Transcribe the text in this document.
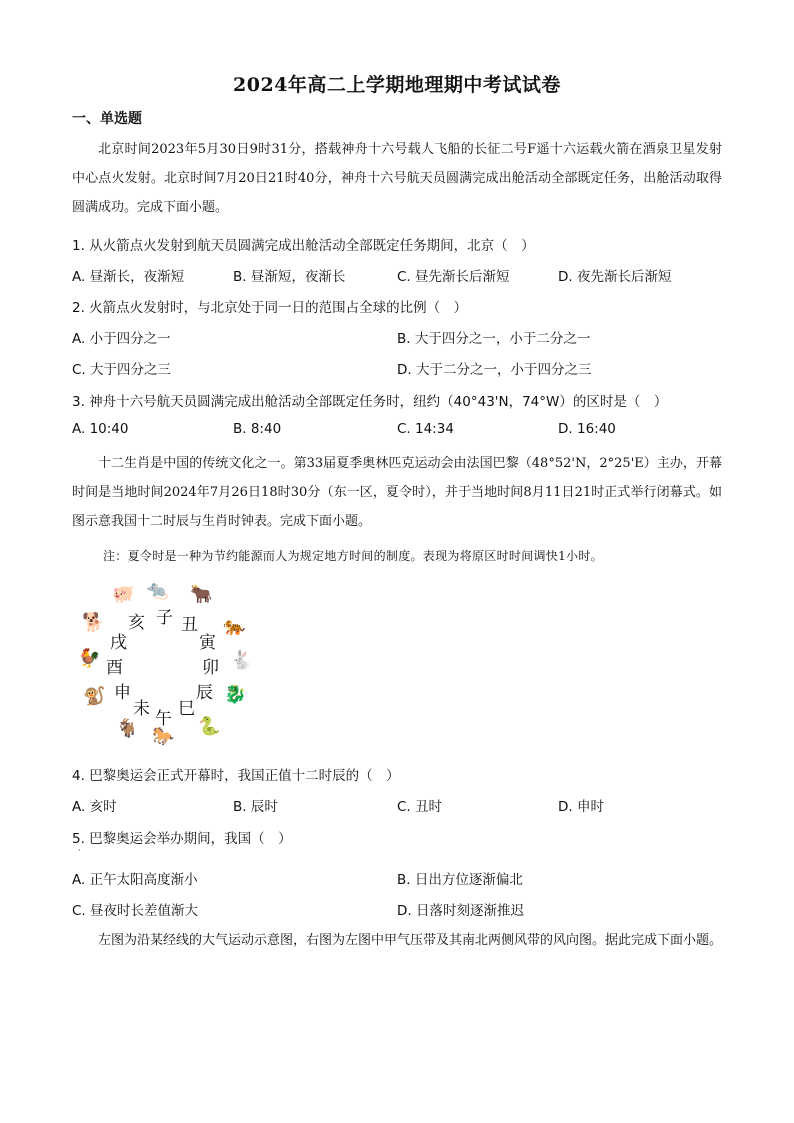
2024年高二上学期地理期中考试试卷
一、单选题
北京时间2023年5月30日9时31分，搭载神舟十六号载人飞船的长征二号F遥十六运载火箭在酒泉卫星发射中心点火发射。北京时间7月20日21时40分，神舟十六号航天员圆满完成出舱活动全部既定任务，出舱活动取得圆满成功。完成下面小题。
1. 从火箭点火发射到航天员圆满完成出舱活动全部既定任务期间，北京（　）
A. 昼渐长，夜渐短	B. 昼渐短，夜渐长	C. 昼先渐长后渐短	D. 夜先渐长后渐短
2. 火箭点火发射时，与北京处于同一日的范围占全球的比例（　）
A. 小于四分之一	B. 大于四分之一，小于二分之一
C. 大于四分之三	D. 大于二分之一，小于四分之三
3. 神舟十六号航天员圆满完成出舱活动全部既定任务时，纽约（40°43'N，74°W）的区时是（　）
A. 10:40	B. 8:40	C. 14:34	D. 16:40
十二生肖是中国的传统文化之一。第33届夏季奥林匹克运动会由法国巴黎（48°52'N，2°25'E）主办，开幕时间是当地时间2024年7月26日18时30分（东一区，夏令时），并于当地时间8月11日21时正式举行闭幕式。如图示意我国十二时辰与生肖时钟表。完成下面小题。
注：夏令时是一种为节约能源而人为规定地方时间的制度。表现为将原区时时间调快1小时。
子 丑
寅
卯
辰
巳
午
未
申
酉
戌
亥
🐀 🐂
🐅
🐇
🐉
🐍
🐎
🐐
🐒
🐓
🐕
🐖
4. 巴黎奥运会正式开幕时，我国正值十二时辰的（　）
A. 亥时	B. 辰时	C. 丑时	D. 申时
5. 巴黎奥运会举办期间，我国（　）
·
A. 正午太阳高度渐小	B. 日出方位逐渐偏北
C. 昼夜时长差值渐大	D. 日落时刻逐渐推迟
左图为沿某经线的大气运动示意图，右图为左图中甲气压带及其南北两侧风带的风向图。据此完成下面小题。
